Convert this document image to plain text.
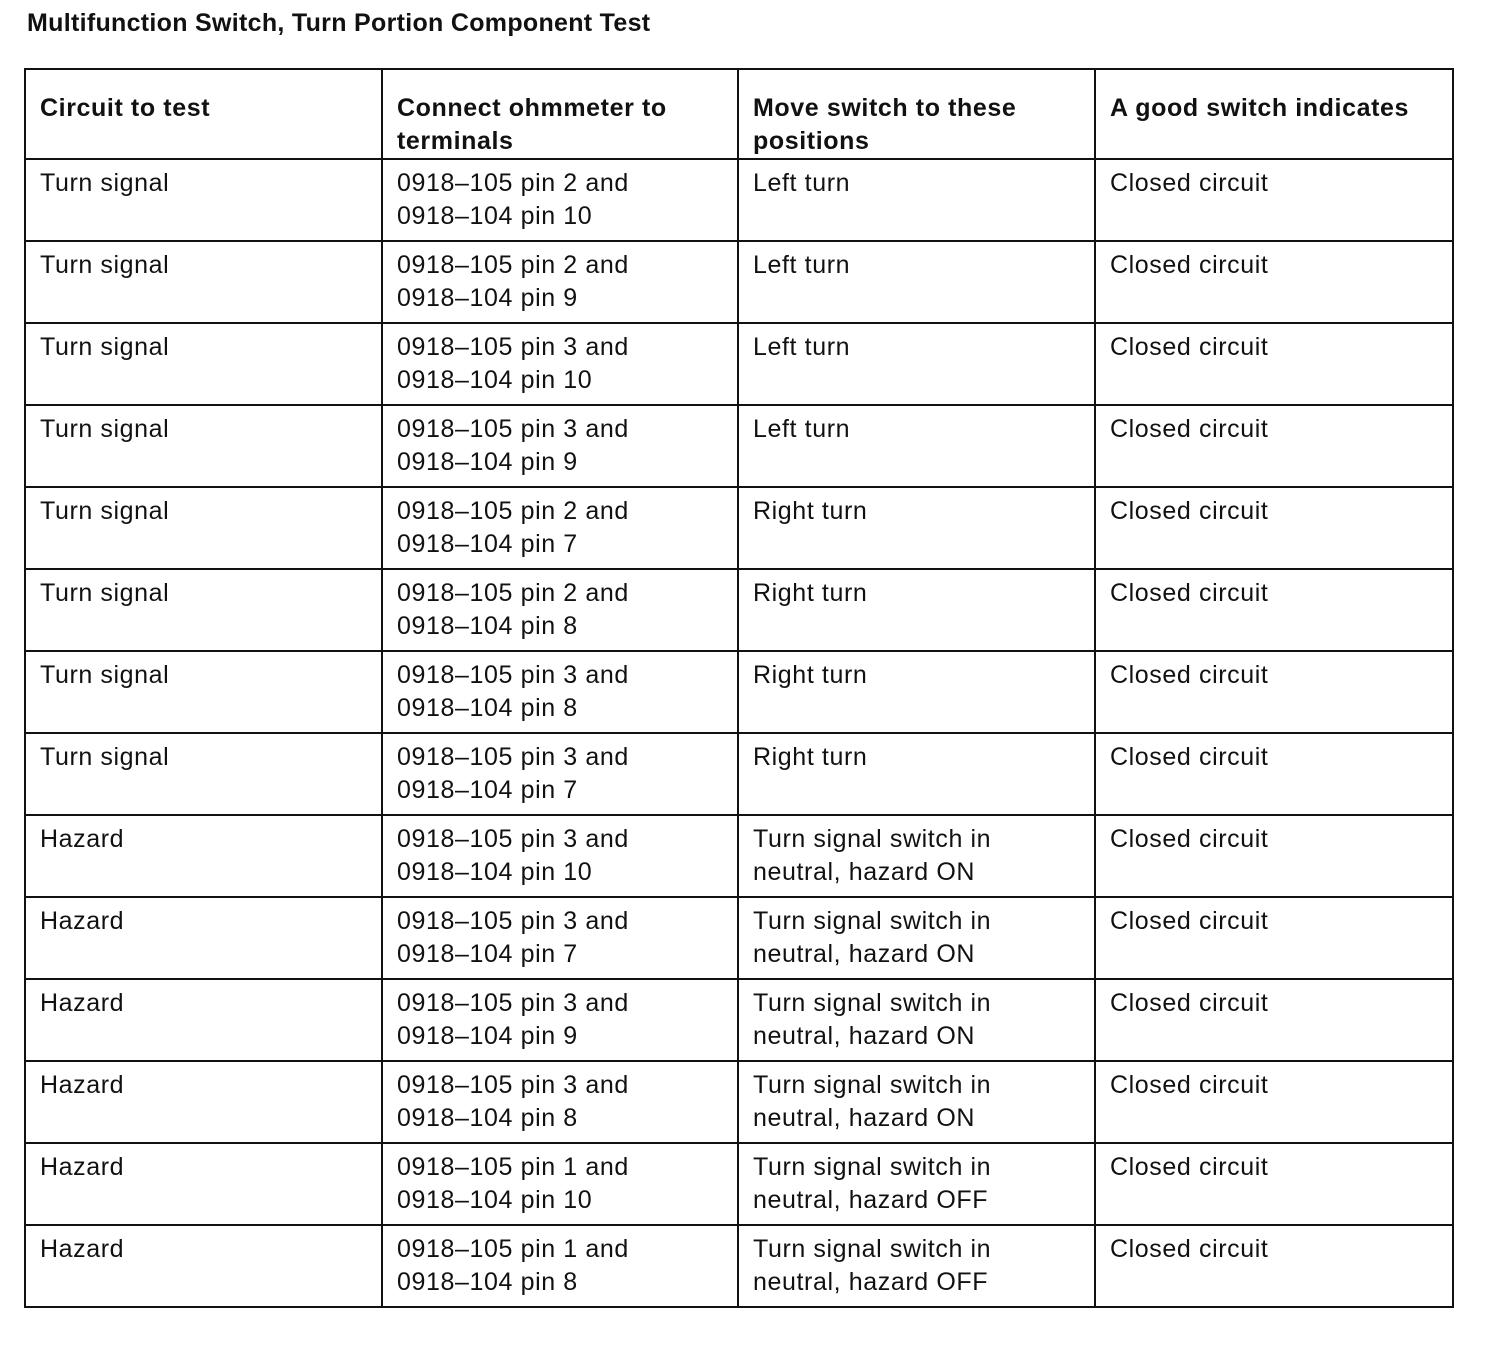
Multifunction Switch, Turn Portion Component Test
Circuit to test	Connect ohmmeter to terminals	Move switch to these positions	A good switch indicates

Turn signal	0918–105 pin 2 and
0918–104 pin 10	Left turn	Closed circuit

Turn signal	0918–105 pin 2 and
0918–104 pin 9	Left turn	Closed circuit

Turn signal	0918–105 pin 3 and
0918–104 pin 10	Left turn	Closed circuit

Turn signal	0918–105 pin 3 and
0918–104 pin 9	Left turn	Closed circuit

Turn signal	0918–105 pin 2 and
0918–104 pin 7	Right turn	Closed circuit

Turn signal	0918–105 pin 2 and
0918–104 pin 8	Right turn	Closed circuit

Turn signal	0918–105 pin 3 and
0918–104 pin 8	Right turn	Closed circuit

Turn signal	0918–105 pin 3 and
0918–104 pin 7	Right turn	Closed circuit

Hazard	0918–105 pin 3 and
0918–104 pin 10	Turn signal switch in
neutral, hazard ON	Closed circuit

Hazard	0918–105 pin 3 and
0918–104 pin 7	Turn signal switch in
neutral, hazard ON	Closed circuit

Hazard	0918–105 pin 3 and
0918–104 pin 9	Turn signal switch in
neutral, hazard ON	Closed circuit

Hazard	0918–105 pin 3 and
0918–104 pin 8	Turn signal switch in
neutral, hazard ON	Closed circuit

Hazard	0918–105 pin 1 and
0918–104 pin 10	Turn signal switch in
neutral, hazard OFF	Closed circuit

Hazard	0918–105 pin 1 and
0918–104 pin 8	Turn signal switch in
neutral, hazard OFF	Closed circuit
